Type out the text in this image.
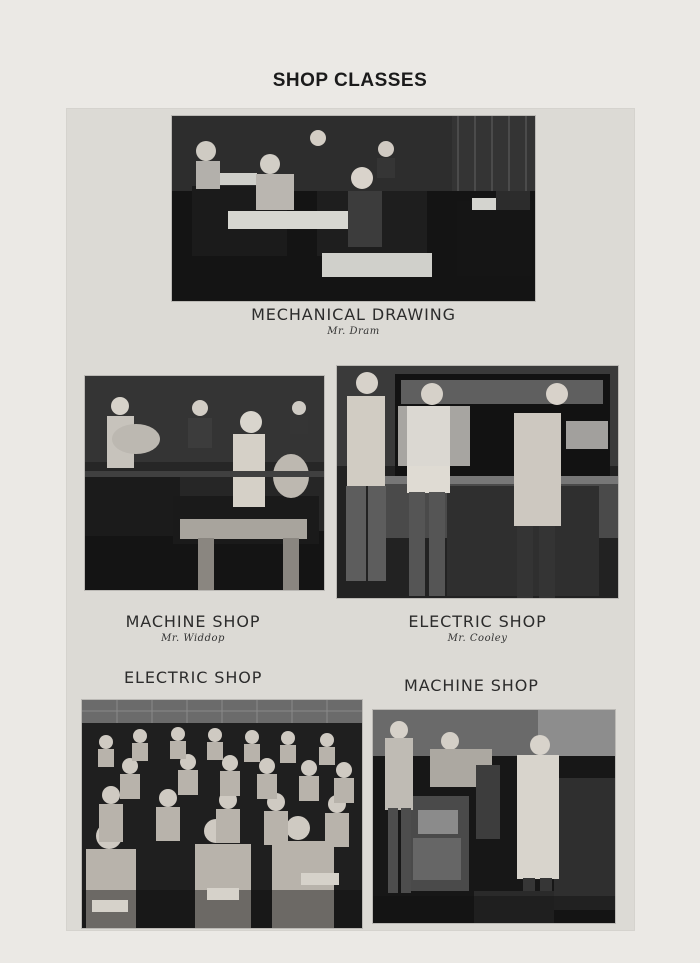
SHOP CLASSES
MECHANICAL DRAWING
Mr. Dram
MACHINE SHOP
Mr. Widdop
ELECTRIC SHOP
Mr. Cooley
ELECTRIC SHOP	MACHINE SHOP
